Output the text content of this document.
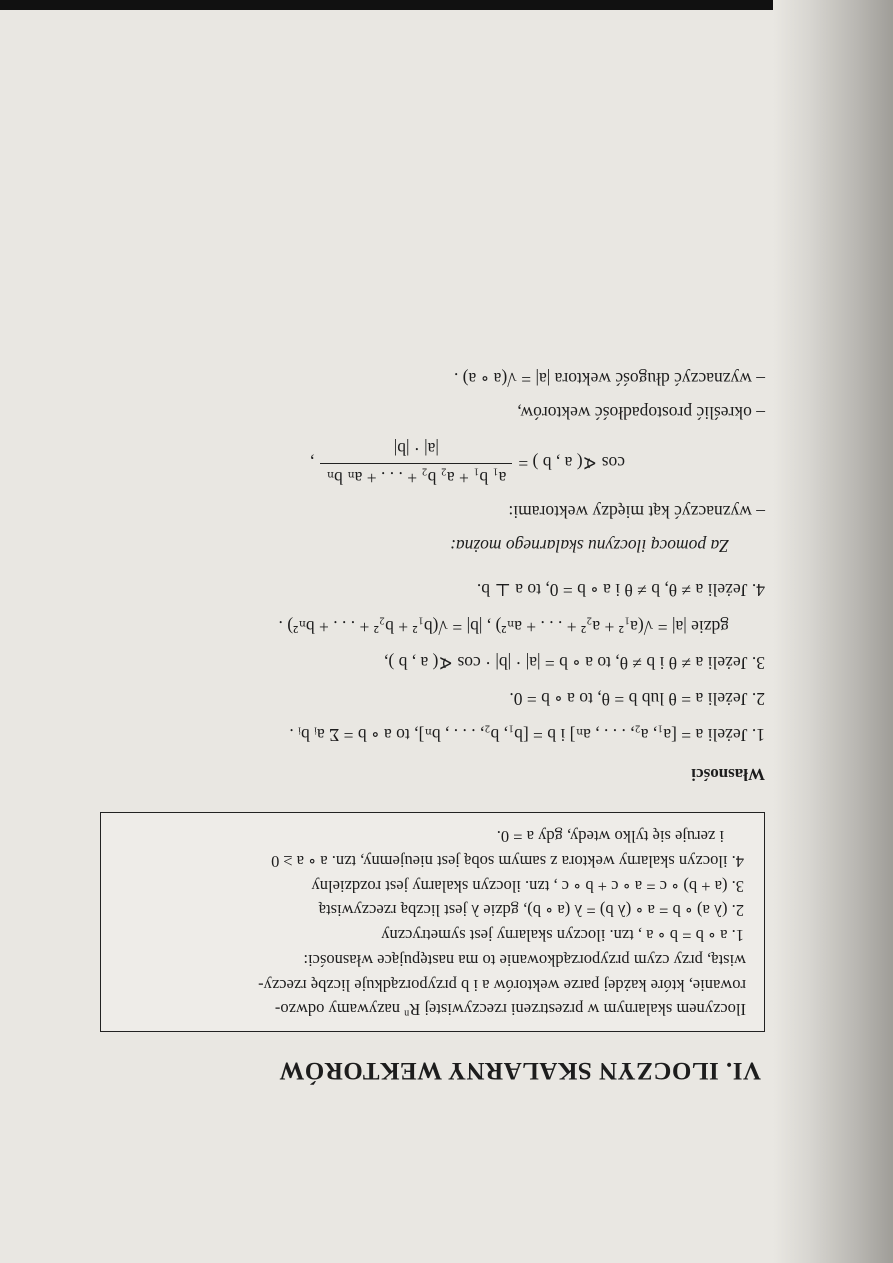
VI. ILOCZYN SKALARNY WEKTORÓW

Iloczynem skalarnym w przestrzeni rzeczywistej $R^n$ nazywamy odwzo-

rowanie, które każdej parze wektorów a i b przyporządkuje liczbę rzeczy-

wistą, przy czym przyporządkowanie to ma następujące własności:

1. a ∘ b = b ∘ a , tzn. iloczyn skalarny jest symetryczny

2. (λ a) ∘ b = a ∘ (λ b) = λ (a ∘ b), gdzie λ jest liczbą rzeczywistą

3. (a + b) ∘ c = a ∘ c + b ∘ c , tzn. iloczyn skalarny jest rozdzielny

4. iloczyn skalarny wektora z samym sobą jest nieujemny, tzn. a ∘ a ≥ 0

i zeruje się tylko wtedy, gdy a = 0.

Własności

1. Jeżeli a = [a₁, a₂, . . . , aₙ] i b = [b₁, b₂, . . . , bₙ], to a ∘ b = Σ aᵢ bᵢ .

2. Jeżeli a = θ lub b = θ, to a ∘ b = 0.

3. Jeżeli a ≠ θ i b ≠ θ, to a ∘ b = |a| · |b| · cos ∢( a , b ),

gdzie |a| = √(a₁² + a₂² + . . . + aₙ²) , |b| = √(b₁² + b₂² + . . . + bₙ²) .

4. Jeżeli a ≠ θ, b ≠ θ i a ∘ b = 0, to a ⊥ b.

Za pomocą iloczynu skalarnego można:

– wyznaczyć kąt między wektorami:

cos ∢( a , b ) =
a₁ b₁ + a₂ b₂ + . . . + aₙ bₙ
|a| · |b|
,

– określić prostopadłość wektorów,

– wyznaczyć długość wektora |a| = √(a ∘ a) .
